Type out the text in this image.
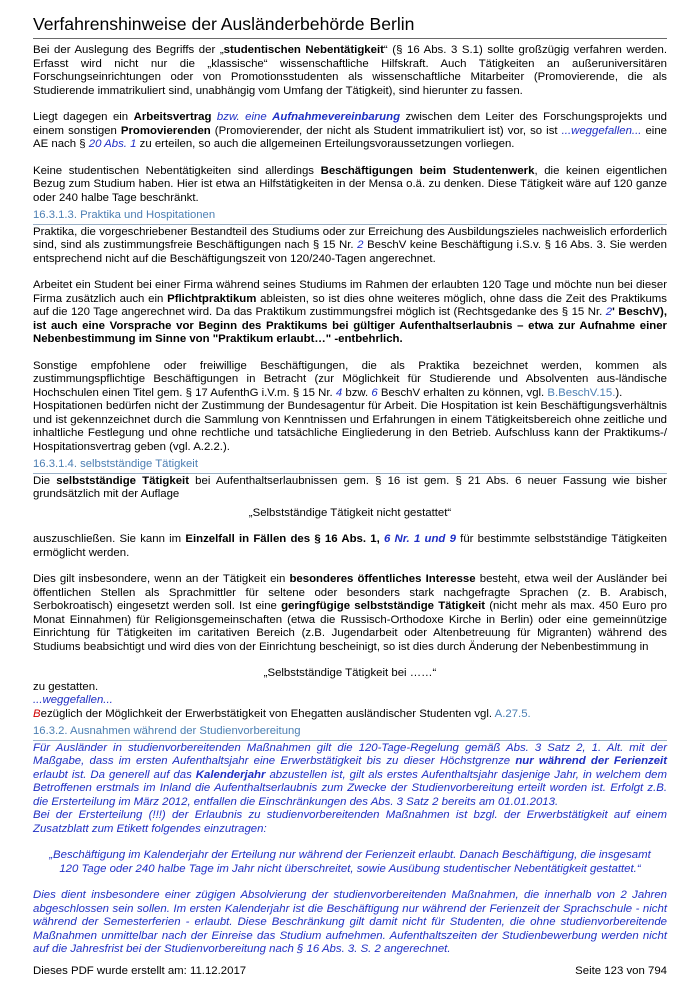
Verfahrenshinweise der Ausländerbehörde Berlin

Bei der Auslegung des Begriffs der „studentischen Nebentätigkeit“ (§ 16 Abs. 3 S.1) sollte großzügig verfahren werden. Erfasst wird nicht nur die „klassische“ wissenschaftliche Hilfskraft. Auch Tätigkeiten an außeruniversitären Forschungseinrichtungen oder von Promotionsstudenten als wissenschaftliche Mitarbeiter (Promovierende, die als Studierende immatrikuliert sind, unabhängig vom Umfang der Tätigkeit), sind hierunter zu fassen.

Liegt dagegen ein Arbeitsvertrag bzw. eine Aufnahmevereinbarung zwischen dem Leiter des Forschungsprojekts und einem sonstigen Promovierenden (Promovierender, der nicht als Student immatrikuliert ist) vor, so ist ...weggefallen... eine AE nach § 20 Abs. 1 zu erteilen, so auch die allgemeinen Erteilungsvoraussetzungen vorliegen.

Keine studentischen Nebentätigkeiten sind allerdings Beschäftigungen beim Studentenwerk, die keinen eigentlichen Bezug zum Studium haben. Hier ist etwa an Hilfstätigkeiten in der Mensa o.ä. zu denken. Diese Tätigkeit wäre auf 120 ganze oder 240 halbe Tage beschränkt.

16.3.1.3. Praktika und Hospitationen

Praktika, die vorgeschriebener Bestandteil des Studiums oder zur Erreichung des Ausbildungszieles nachweislich erforderlich sind, sind als zustimmungsfreie Beschäftigungen nach § 15 Nr. 2 BeschV keine Beschäftigung i.S.v. § 16 Abs. 3. Sie werden entsprechend nicht auf die Beschäftigungszeit von 120/240-Tagen angerechnet.

Arbeitet ein Student bei einer Firma während seines Studiums im Rahmen der erlaubten 120 Tage und möchte nun bei dieser Firma zusätzlich auch ein Pflichtpraktikum ableisten, so ist dies ohne weiteres möglich, ohne dass die Zeit des Praktikums auf die 120 Tage angerechnet wird. Da das Praktikum zustimmungsfrei möglich ist (Rechtsgedanke des § 15 Nr. 2' BeschV), ist auch eine Vorsprache vor Beginn des Praktikums bei gültiger Aufenthaltserlaubnis – etwa zur Aufnahme einer Nebenbestimmung im Sinne von "Praktikum erlaubt…" -entbehrlich.

Sonstige empfohlene oder freiwillige Beschäftigungen, die als Praktika bezeichnet werden, kommen als zustimmungspflichtige Beschäftigungen in Betracht (zur Möglichkeit für Studierende und Absolventen aus-ländische Hochschulen einen Titel gem. § 17 AufenthG i.V.m. § 15 Nr. 4 bzw. 6 BeschV erhalten zu können, vgl. B.BeschV.15.).

Hospitationen bedürfen nicht der Zustimmung der Bundesagentur für Arbeit. Die Hospitation ist kein Beschäftigungsverhältnis und ist gekennzeichnet durch die Sammlung von Kenntnissen und Erfahrungen in einem Tätigkeitsbereich ohne zeitliche und inhaltliche Festlegung und ohne rechtliche und tatsächliche Eingliederung in den Betrieb. Aufschluss kann der Praktikums-/ Hospitationsvertrag geben (vgl. A.2.2.).

16.3.1.4. selbstständige Tätigkeit

Die selbstständige Tätigkeit bei Aufenthaltserlaubnissen gem. § 16 ist gem. § 21 Abs. 6 neuer Fassung wie bisher grundsätzlich mit der Auflage

„Selbstständige Tätigkeit nicht gestattet“

auszuschließen. Sie kann im Einzelfall in Fällen des § 16 Abs. 1, 6 Nr. 1 und 9 für bestimmte selbstständige Tätigkeiten ermöglicht werden.

Dies gilt insbesondere, wenn an der Tätigkeit ein besonderes öffentliches Interesse besteht, etwa weil der Ausländer bei öffentlichen Stellen als Sprachmittler für seltene oder besonders stark nachgefragte Sprachen (z. B. Arabisch, Serbokroatisch) eingesetzt werden soll. Ist eine geringfügige selbstständige Tätigkeit (nicht mehr als max. 450 Euro pro Monat Einnahmen) für Religionsgemeinschaften (etwa die Russisch-Orthodoxe Kirche in Berlin) oder eine gemeinnützige Einrichtung für Tätigkeiten im caritativen Bereich (z.B. Jugendarbeit oder Altenbetreuung für Migranten) während des Studiums beabsichtigt und wird dies von der Einrichtung bescheinigt, so ist dies durch Änderung der Nebenbestimmung in

„Selbstständige Tätigkeit bei ……“

zu gestatten.

...weggefallen...

Bezüglich der Möglichkeit der Erwerbstätigkeit von Ehegatten ausländischer Studenten vgl. A.27.5.

16.3.2. Ausnahmen während der Studienvorbereitung

Für Ausländer in studienvorbereitenden Maßnahmen gilt die 120-Tage-Regelung gemäß Abs. 3 Satz 2, 1. Alt. mit der Maßgabe, dass im ersten Aufenthaltsjahr eine Erwerbstätigkeit bis zu dieser Höchstgrenze nur während der Ferienzeit erlaubt ist. Da generell auf das Kalenderjahr abzustellen ist, gilt als erstes Aufenthaltsjahr dasjenige Jahr, in welchem dem Betroffenen erstmals im Inland die Aufenthaltserlaubnis zum Zwecke der Studienvorbereitung erteilt worden ist. Erfolgt z.B. die Ersterteilung im März 2012, entfallen die Einschränkungen des Abs. 3 Satz 2 bereits am 01.01.2013.

Bei der Ersterteilung (!!!) der Erlaubnis zu studienvorbereitenden Maßnahmen ist bzgl. der Erwerbstätigkeit auf einem Zusatzblatt zum Etikett folgendes einzutragen:

„Beschäftigung im Kalenderjahr der Erteilung nur während der Ferienzeit erlaubt. Danach Beschäftigung, die insgesamt 120 Tage oder 240 halbe Tage im Jahr nicht überschreitet, sowie Ausübung studentischer Nebentätigkeit gestattet.“

Dies dient insbesondere einer zügigen Absolvierung der studienvorbereitenden Maßnahmen, die innerhalb von 2 Jahren abgeschlossen sein sollen. Im ersten Kalenderjahr ist die Beschäftigung nur während der Ferienzeit der Sprachschule - nicht während der Semesterferien - erlaubt. Diese Beschränkung gilt damit nicht für Studenten, die ohne studienvorbereitende Maßnahmen unmittelbar nach der Einreise das Studium aufnehmen. Aufenthaltszeiten der Studienbewerbung werden nicht auf die Jahresfrist bei der Studienvorbereitung nach § 16 Abs. 3. S. 2 angerechnet.

Dieses PDF wurde erstellt am: 11.12.2017	Seite 123 von 794
